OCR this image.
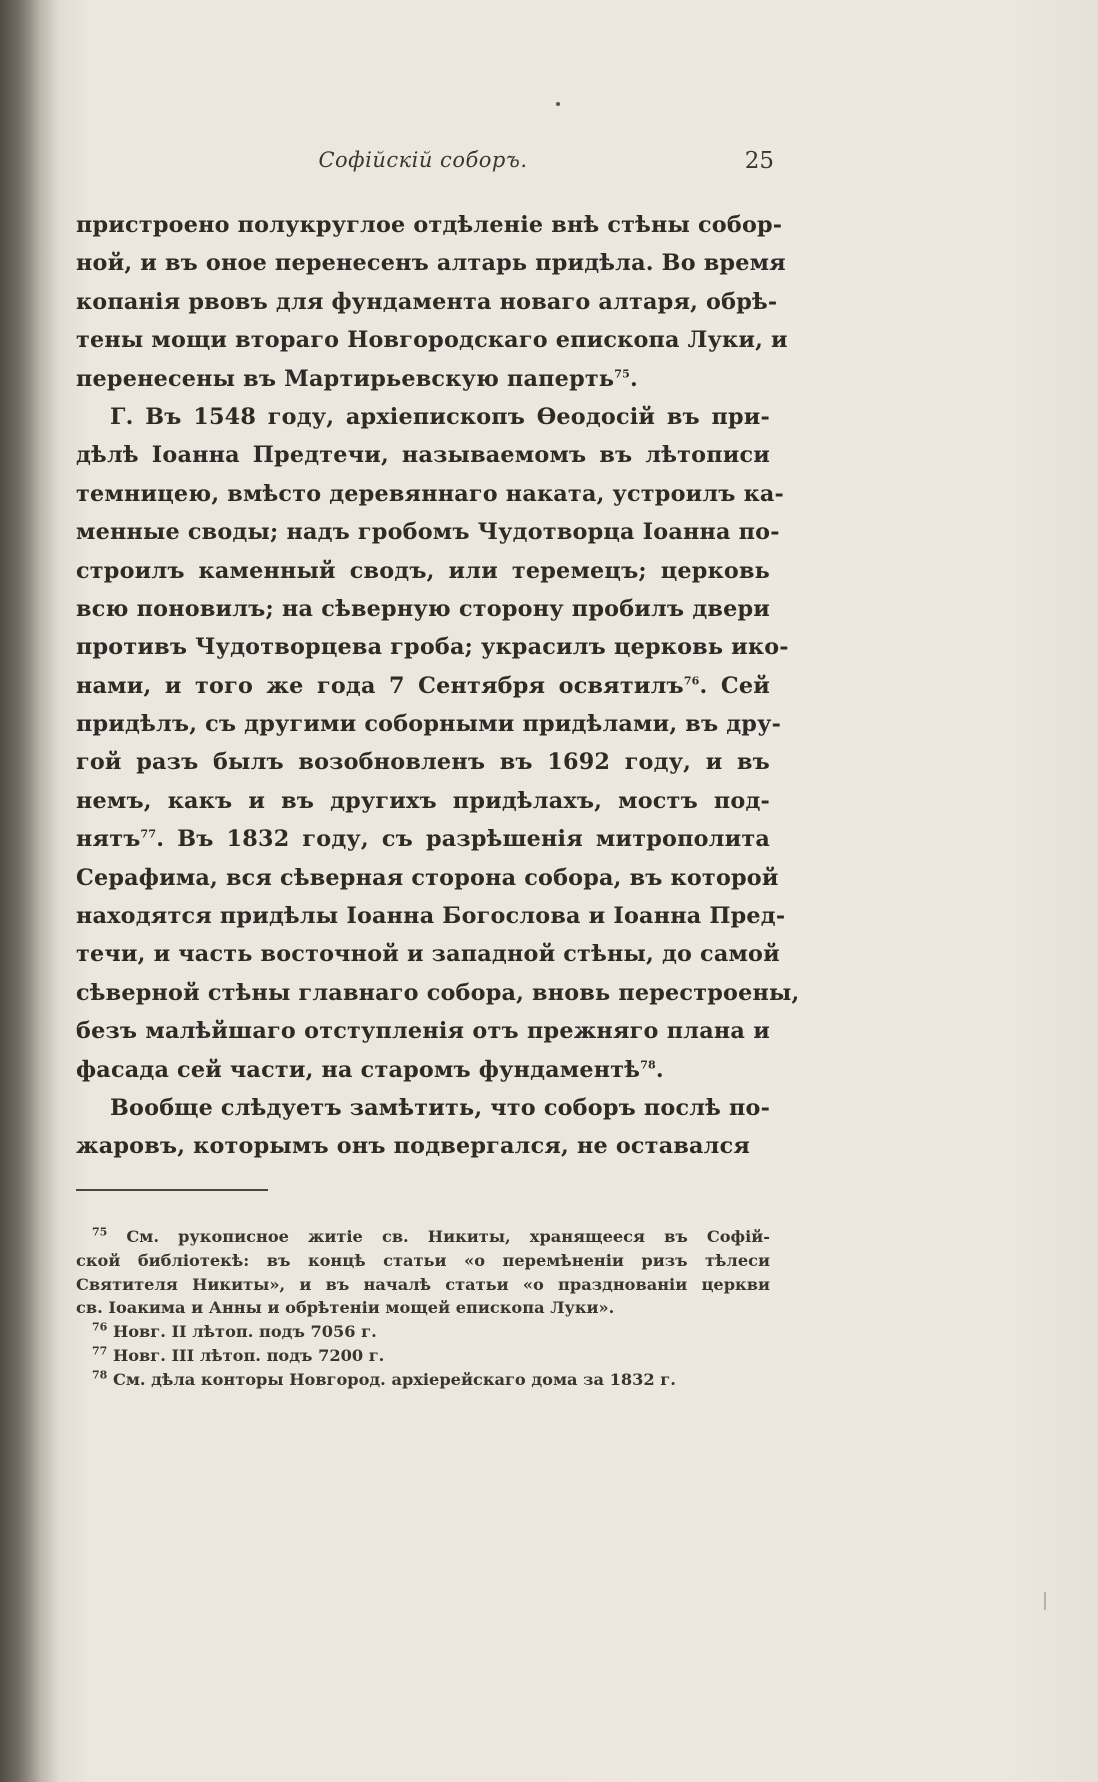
Софійскій соборъ.	25
пристроено полукруглое отдѣленіе внѣ стѣны собор-
ной, и въ оное перенесенъ алтарь придѣла. Во время
копанія рвовъ для фундамента новаго алтаря, обрѣ-
тены мощи втораго Новгородскаго епископа Луки, и
перенесены въ Мартирьевскую паперть$^{75}$.
Г. Въ 1548 году, архіепископъ Ѳеодосій въ при-
дѣлѣ Іоанна Предтечи, называемомъ въ лѣтописи
темницею, вмѣсто деревяннаго наката, устроилъ ка-
менные своды; надъ гробомъ Чудотворца Іоанна по-
строилъ каменный сводъ, или теремецъ; церковь
всю поновилъ; на сѣверную сторону пробилъ двери
противъ Чудотворцева гроба; украсилъ церковь ико-
нами, и того же года 7 Сентября освятилъ$^{76}$. Сей
придѣлъ, съ другими соборными придѣлами, въ дру-
гой разъ былъ возобновленъ въ 1692 году, и въ
немъ, какъ и въ другихъ придѣлахъ, мостъ под-
нятъ$^{77}$. Въ 1832 году, съ разрѣшенія митрополита
Серафима, вся сѣверная сторона собора, въ которой
находятся придѣлы Іоанна Богослова и Іоанна Пред-
течи, и часть восточной и западной стѣны, до самой
сѣверной стѣны главнаго собора, вновь перестроены,
безъ малѣйшаго отступленія отъ прежняго плана и
фасада сей части, на старомъ фундаментѣ$^{78}$.
Вообще слѣдуетъ замѣтить, что соборъ послѣ по-
жаровъ, которымъ онъ подвергался, не оставался
$^{75}$ См. рукописное житіе св. Никиты, хранящееся въ Софій-
ской библіотекѣ: въ концѣ статьи «о перемѣненіи ризъ тѣлеси
Святителя Никиты», и въ началѣ статьи «о празднованіи церкви
св. Іоакима и Анны и обрѣтеніи мощей епископа Луки».
$^{76}$ Новг. II лѣтоп. подъ 7056 г.
$^{77}$ Новг. III лѣтоп. подъ 7200 г.
$^{78}$ См. дѣла конторы Новгород. архіерейскаго дома за 1832 г.
